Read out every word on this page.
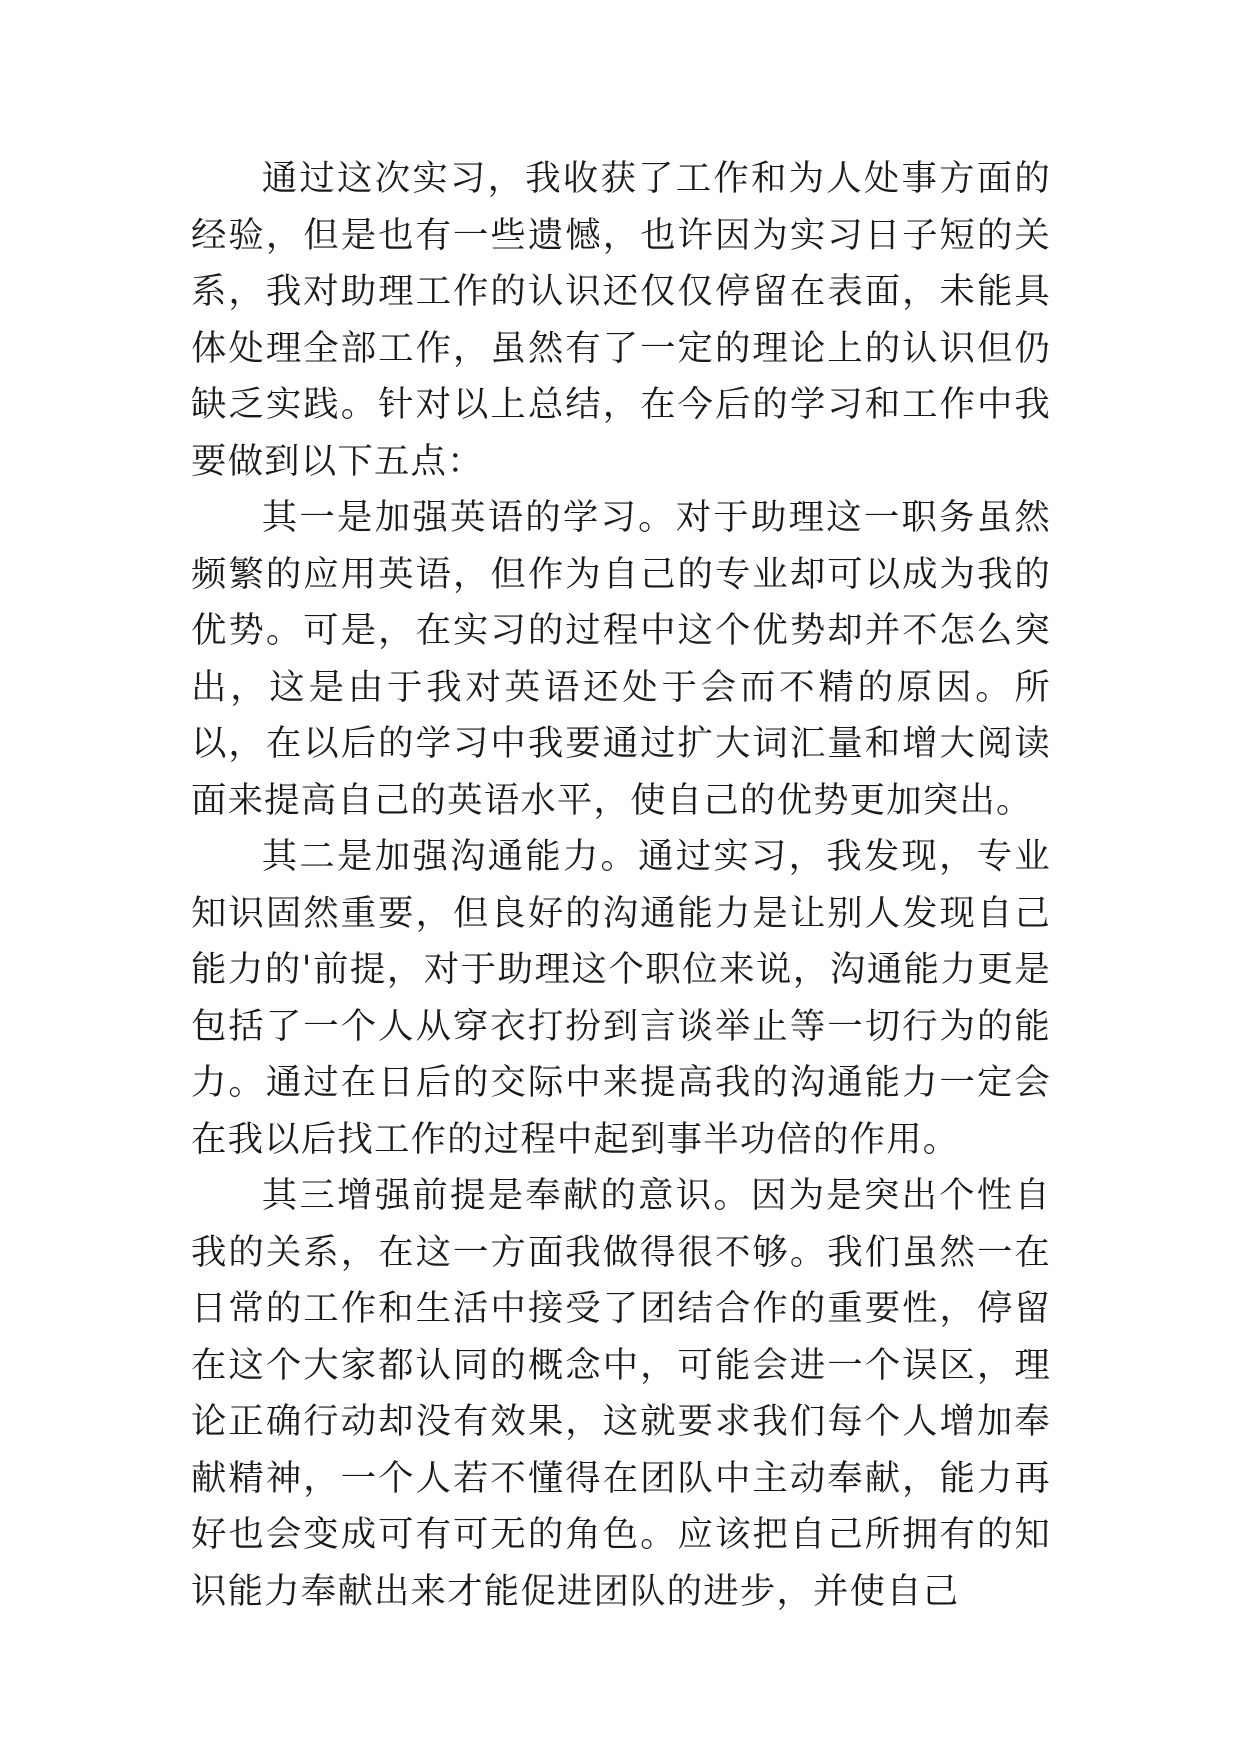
通过这次实习，我收获了工作和为人处事方面的经验，但是也有一些遗憾，也许因为实习日子短的关系，我对助理工作的认识还仅仅停留在表面，未能具体处理全部工作，虽然有了一定的理论上的认识但仍缺乏实践。针对以上总结，在今后的学习和工作中我要做到以下五点：

其一是加强英语的学习。对于助理这一职务虽然频繁的应用英语，但作为自己的专业却可以成为我的优势。可是，在实习的过程中这个优势却并不怎么突出，这是由于我对英语还处于会而不精的原因。所以，在以后的学习中我要通过扩大词汇量和增大阅读面来提高自己的英语水平，使自己的优势更加突出。

其二是加强沟通能力。通过实习，我发现，专业知识固然重要，但良好的沟通能力是让别人发现自己能力的'前提，对于助理这个职位来说，沟通能力更是包括了一个人从穿衣打扮到言谈举止等一切行为的能力。通过在日后的交际中来提高我的沟通能力一定会在我以后找工作的过程中起到事半功倍的作用。

其三增强前提是奉献的意识。因为是突出个性自我的关系，在这一方面我做得很不够。我们虽然一在日常的工作和生活中接受了团结合作的重要性，停留在这个大家都认同的概念中，可能会进一个误区，理论正确行动却没有效果，这就要求我们每个人增加奉献精神，一个人若不懂得在团队中主动奉献，能力再好也会变成可有可无的角色。应该把自己所拥有的知识能力奉献出来才能促进团队的进步，并使自己
